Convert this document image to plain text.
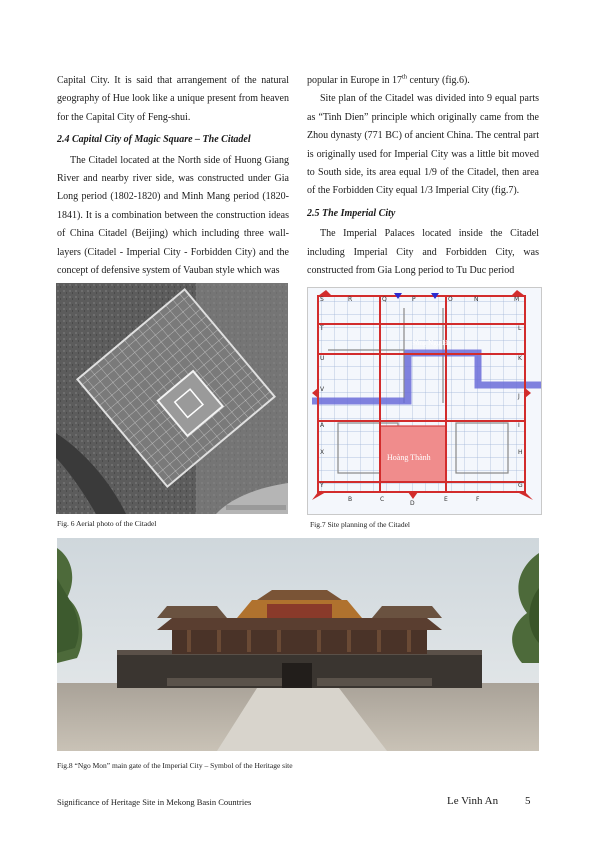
Capital City. It is said that arrangement of the natural geography of Hue look like a unique present from heaven for the Capital City of Feng-shui.

2.4 Capital City of Magic Square – The Citadel

The Citadel located at the North side of Huong Giang River and nearby river side, was constructed under Gia Long period (1802-1820) and Minh Mang period (1820-1841). It is a combination between the construction ideas of China Citadel (Beijing) which including three wall-layers (Citadel - Imperial City - Forbidden City) and the concept of defensive system of Vauban style which was

popular in Europe in 17th century (fig.6).

Site plan of the Citadel was divided into 9 equal parts as “Tinh Dien” principle which originally came from the Zhou dynasty (771 BC) of ancient China. The central part is originally used for Imperial City was a little bit moved to South side, its area equal 1/9 of the Citadel, then area of the Forbidden City equal 1/3 Imperial City (fig.7).

2.5 The Imperial City

The Imperial Palaces located inside the Citadel including Imperial City and Forbidden City, was constructed from Gia Long period to Tu Duc period

Fig. 6 Aerial photo of the Citadel
S	R	Q	P	O	N	M
T
U
V
A
X
Y
L
K
J
I
H
G
B	C
D
E	F
Sông Ngự Hà
Hoàng Thành
Fig.7 Site planning of the Citadel
Fig.8 “Ngo Mon” main gate of the Imperial City – Symbol of the Heritage site
Significance of Heritage Site in Mekong Basin Countries	Le Vinh An 5
